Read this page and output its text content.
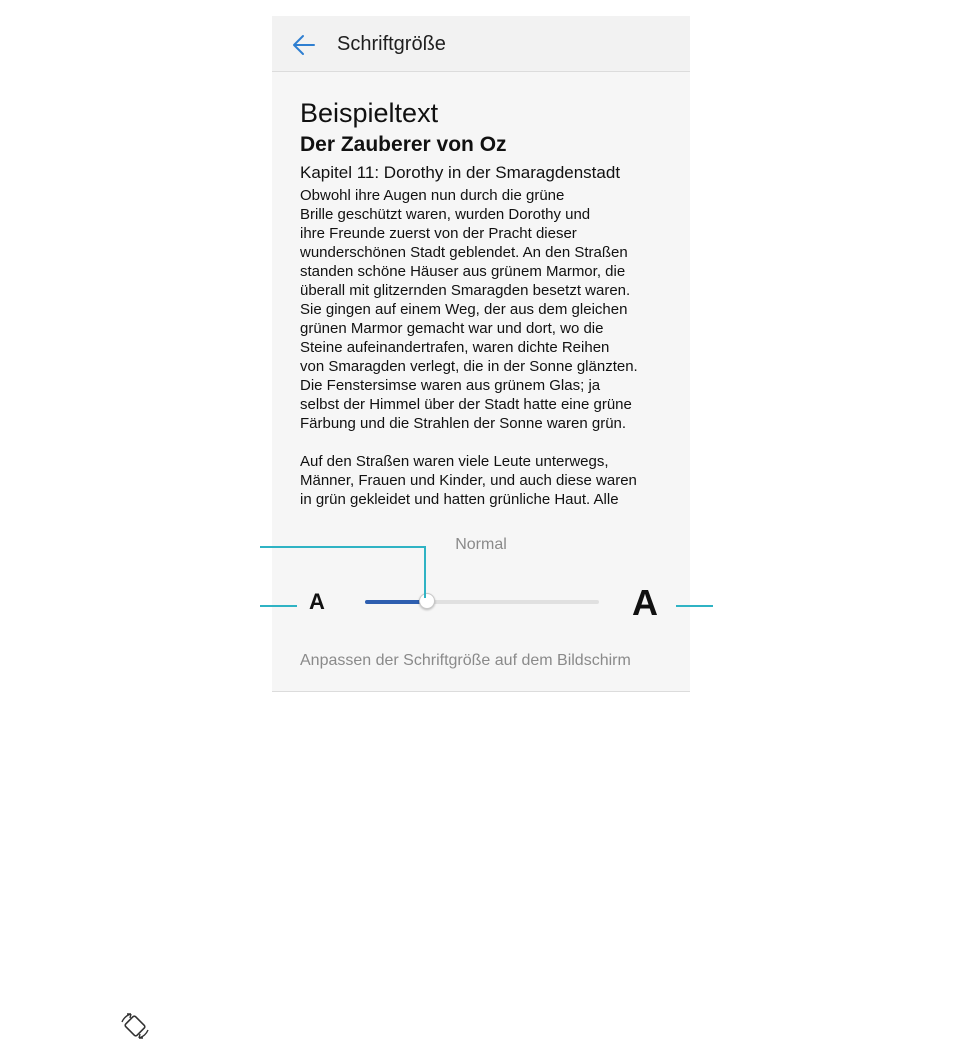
Schriftgröße
Beispieltext
Der Zauberer von Oz
Kapitel 11: Dorothy in der Smaragdenstadt

Obwohl ihre Augen nun durch die grüne
Brille geschützt waren, wurden Dorothy und
ihre Freunde zuerst von der Pracht dieser
wunderschönen Stadt geblendet. An den Straßen
standen schöne Häuser aus grünem Marmor, die
überall mit glitzernden Smaragden besetzt waren.
Sie gingen auf einem Weg, der aus dem gleichen
grünen Marmor gemacht war und dort, wo die
Steine aufeinandertrafen, waren dichte Reihen
von Smaragden verlegt, die in der Sonne glänzten.
Die Fenstersimse waren aus grünem Glas; ja
selbst der Himmel über der Stadt hatte eine grüne
Färbung und die Strahlen der Sonne waren grün.

Auf den Straßen waren viele Leute unterwegs,
Männer, Frauen und Kinder, und auch diese waren
in grün gekleidet und hatten grünliche Haut. Alle

Normal
A	A
Anpassen der Schriftgröße auf dem Bildschirm
